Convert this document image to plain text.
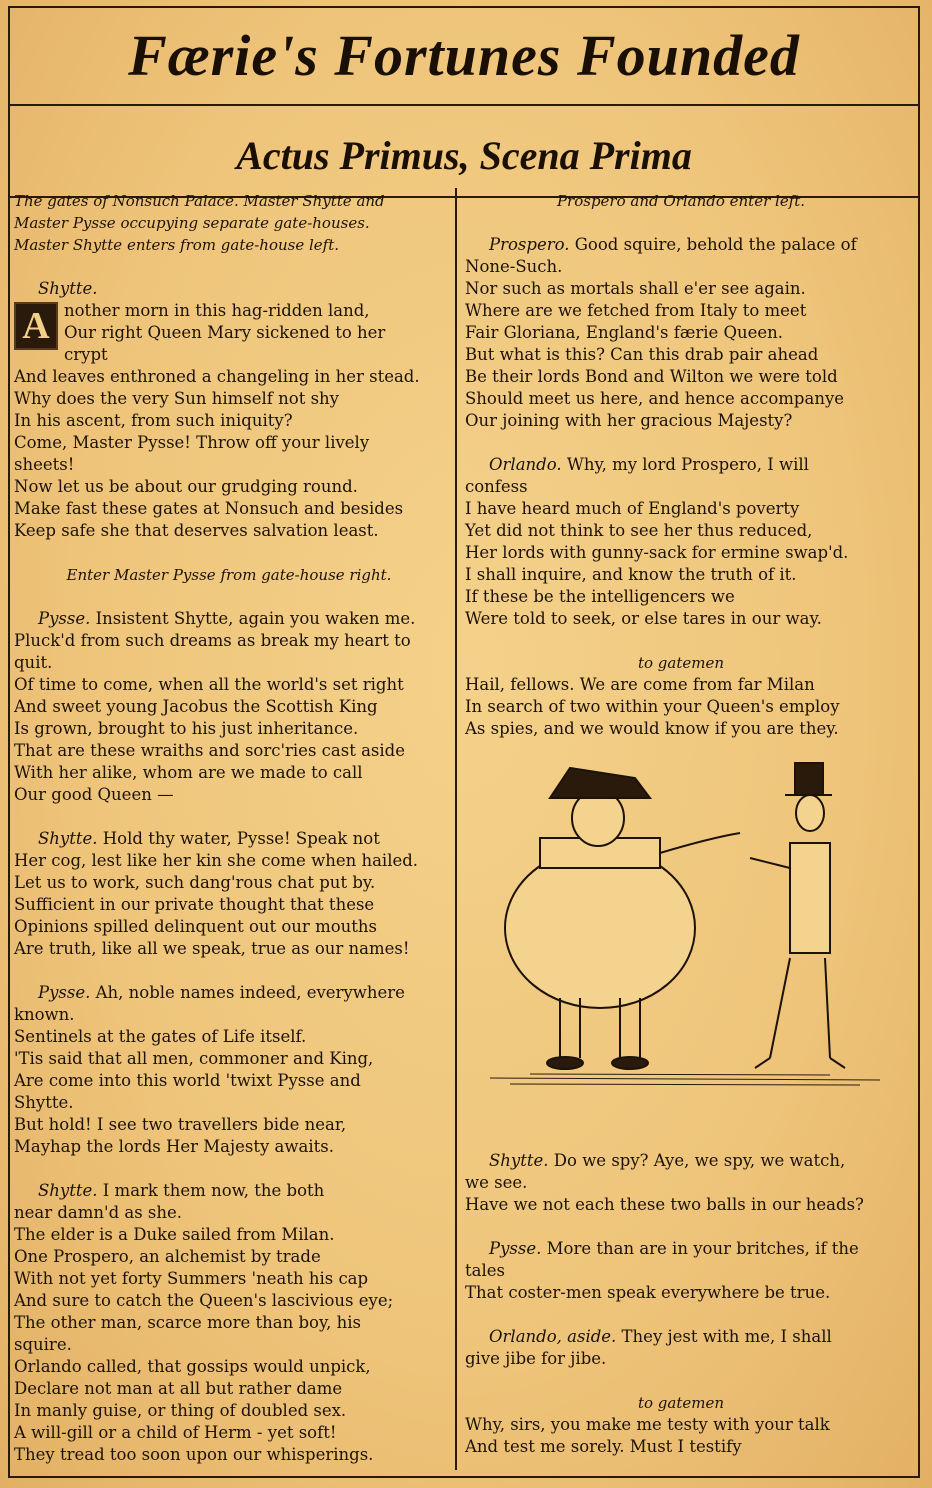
Færie's Fortunes Founded
Actus Primus, Scena Prima

The gates of Nonsuch Palace. Master Shytte and
Master Pysse occupying separate gate-houses.
Master Shytte enters from gate-house left.

Shytte.
A nother morn in this hag-ridden land,
Our right Queen Mary sickened to her
crypt
And leaves enthroned a changeling in her stead.
Why does the very Sun himself not shy
In his ascent, from such iniquity?
Come, Master Pysse! Throw off your lively
sheets!
Now let us be about our grudging round.
Make fast these gates at Nonsuch and besides
Keep safe she that deserves salvation least.

Enter Master Pysse from gate-house right.

Pysse. Insistent Shytte, again you waken me.
Pluck'd from such dreams as break my heart to
quit.
Of time to come, when all the world's set right
And sweet young Jacobus the Scottish King
Is grown, brought to his just inheritance.
That are these wraiths and sorc'ries cast aside
With her alike, whom are we made to call
Our good Queen —

Shytte. Hold thy water, Pysse! Speak not
Her cog, lest like her kin she come when hailed.
Let us to work, such dang'rous chat put by.
Sufficient in our private thought that these
Opinions spilled delinquent out our mouths
Are truth, like all we speak, true as our names!

Pysse. Ah, noble names indeed, everywhere
known.
Sentinels at the gates of Life itself.
'Tis said that all men, commoner and King,
Are come into this world 'twixt Pysse and
Shytte.
But hold! I see two travellers bide near,
Mayhap the lords Her Majesty awaits.

Shytte. I mark them now, the both
near damn'd as she.
The elder is a Duke sailed from Milan.
One Prospero, an alchemist by trade
With not yet forty Summers 'neath his cap
And sure to catch the Queen's lascivious eye;
The other man, scarce more than boy, his
squire.
Orlando called, that gossips would unpick,
Declare not man at all but rather dame
In manly guise, or thing of doubled sex.
A will-gill or a child of Herm - yet soft!
They tread too soon upon our whisperings.

Prospero and Orlando enter left.

Prospero. Good squire, behold the palace of
None-Such.
Nor such as mortals shall e'er see again.
Where are we fetched from Italy to meet
Fair Gloriana, England's færie Queen.
But what is this? Can this drab pair ahead
Be their lords Bond and Wilton we were told
Should meet us here, and hence accompanye
Our joining with her gracious Majesty?

Orlando. Why, my lord Prospero, I will
confess
I have heard much of England's poverty
Yet did not think to see her thus reduced,
Her lords with gunny-sack for ermine swap'd.
I shall inquire, and know the truth of it.
If these be the intelligencers we
Were told to seek, or else tares in our way.

to gatemen
Hail, fellows. We are come from far Milan
In search of two within your Queen's employ
As spies, and we would know if you are they.

Shytte. Do we spy? Aye, we spy, we watch,
we see.
Have we not each these two balls in our heads?

Pysse. More than are in your britches, if the
tales
That coster-men speak everywhere be true.

Orlando, aside. They jest with me, I shall
give jibe for jibe.

to gatemen
Why, sirs, you make me testy with your talk
And test me sorely. Must I testify
